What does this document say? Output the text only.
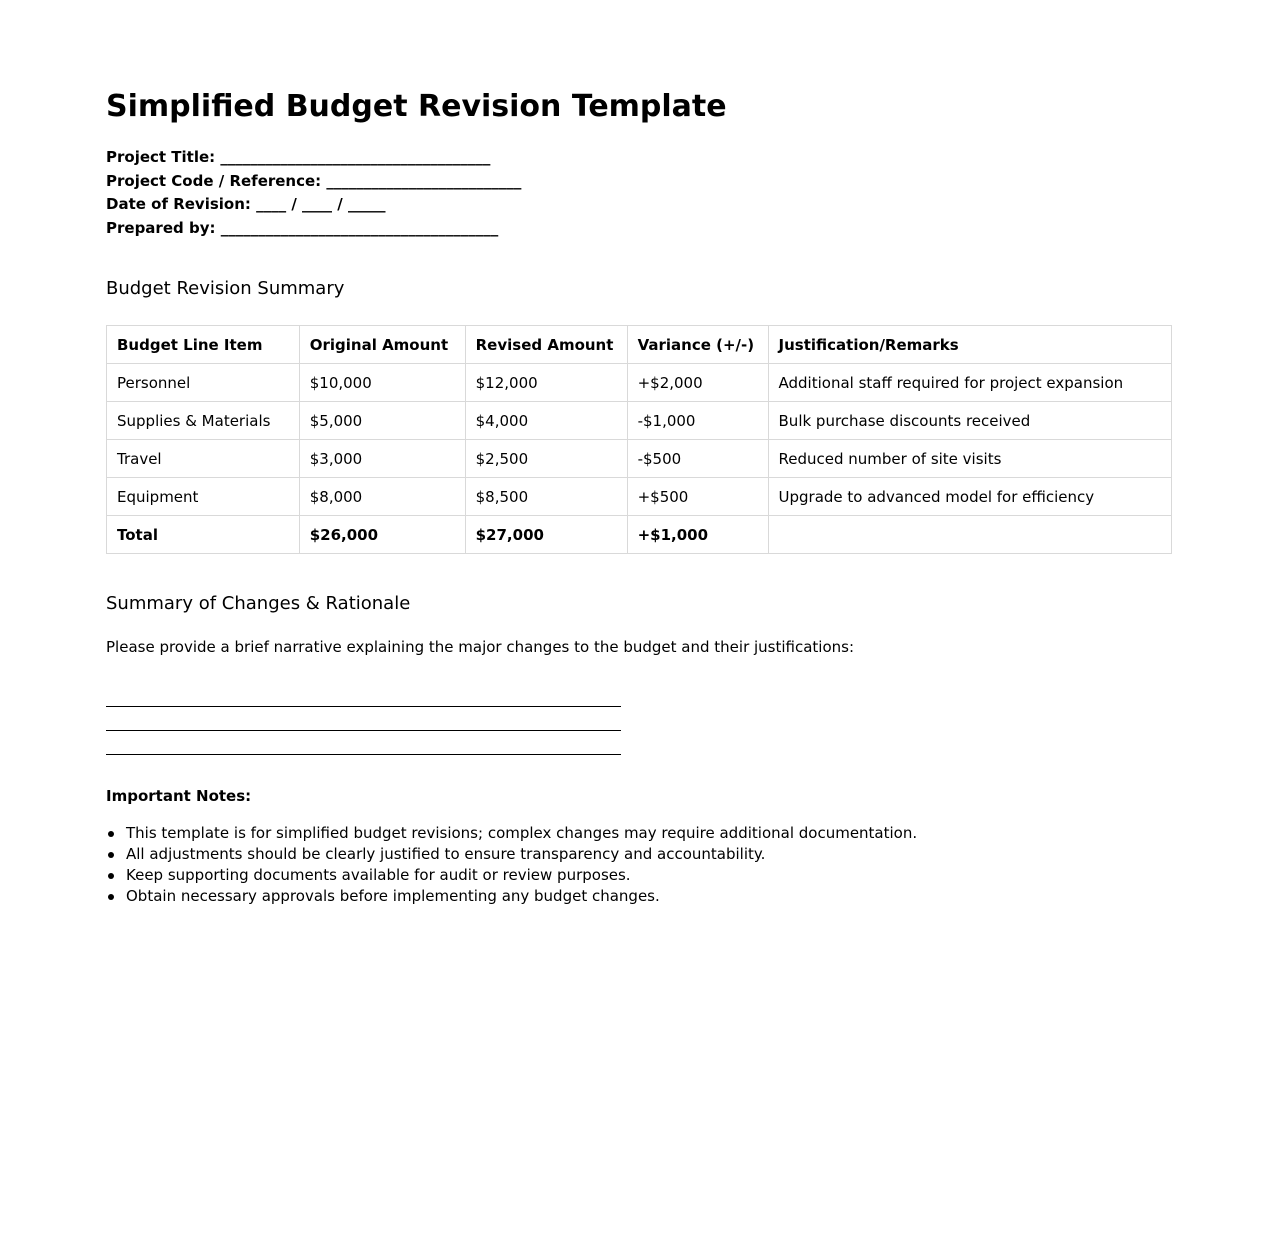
Simplified Budget Revision Template
Project Title: ____________________________________
Project Code / Reference: __________________________
Date of Revision: ____ / ____ / _____
Prepared by: _____________________________________
Budget Revision Summary
Budget Line Item	Original Amount	Revised Amount	Variance (+/-)	Justification/Remarks
Personnel	$10,000	$12,000	+$2,000	Additional staff required for project expansion
Supplies & Materials	$5,000	$4,000	-$1,000	Bulk purchase discounts received
Travel	$3,000	$2,500	-$500	Reduced number of site visits
Equipment	$8,000	$8,500	+$500	Upgrade to advanced model for efficiency
Total	$26,000	$27,000	+$1,000	
Summary of Changes & Rationale
Please provide a brief narrative explaining the major changes to the budget and their justifications:
Important Notes:
This template is for simplified budget revisions; complex changes may require additional documentation.
All adjustments should be clearly justified to ensure transparency and accountability.
Keep supporting documents available for audit or review purposes.
Obtain necessary approvals before implementing any budget changes.
